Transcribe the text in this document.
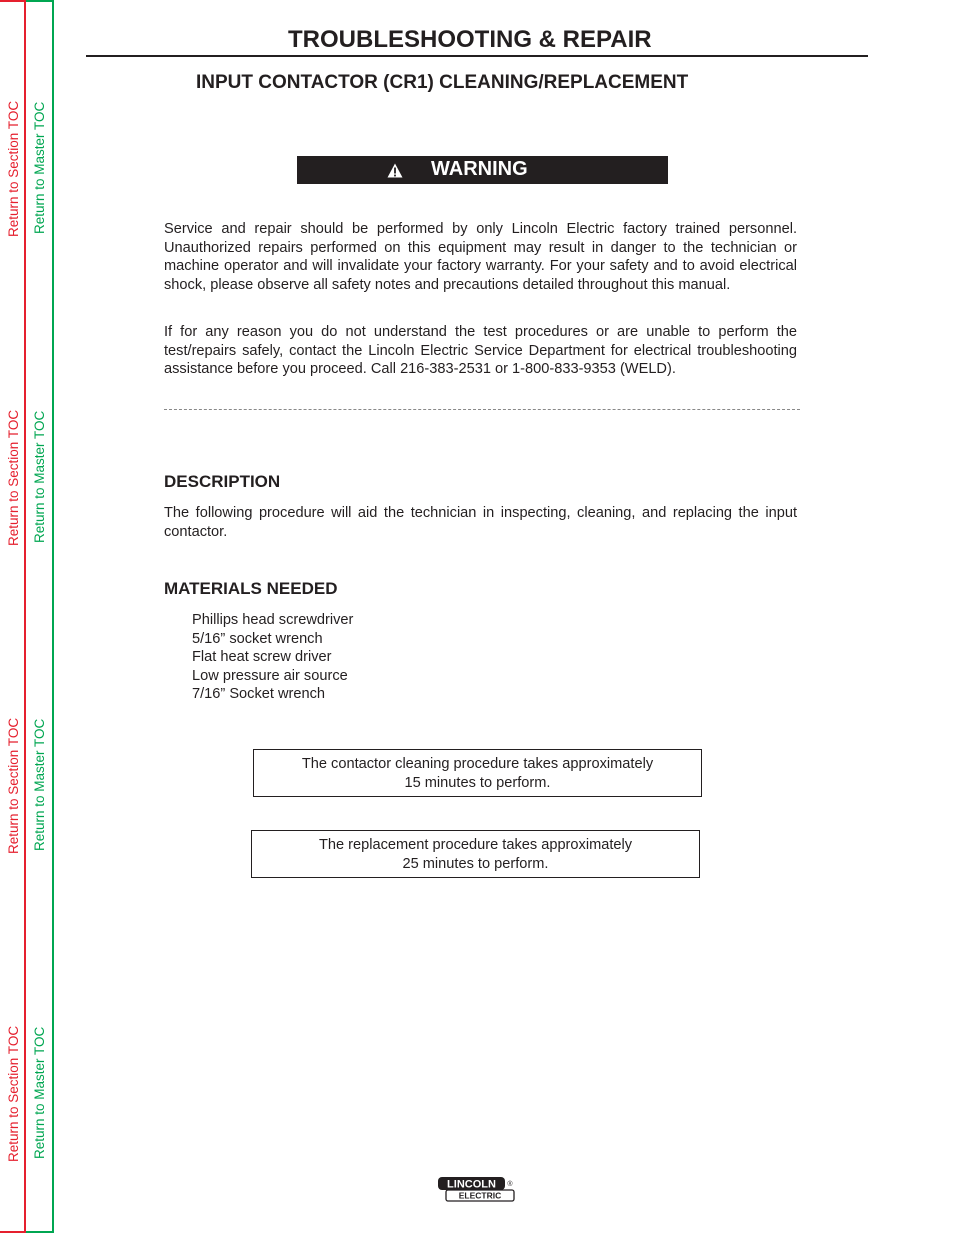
Return to Section TOC Return to Master TOC
Return to Section TOC Return to Master TOC
Return to Section TOC Return to Master TOC
Return to Section TOC Return to Master TOC
TROUBLESHOOTING & REPAIR
INPUT CONTACTOR (CR1) CLEANING/REPLACEMENT
WARNING

Service and repair should be performed by only Lincoln Electric factory trained personnel. Unauthorized repairs performed on this equipment may result in danger to the technician or machine operator and will invalidate your factory warranty. For your safety and to avoid electrical shock, please observe all safety notes and precautions detailed throughout this manual.

If for any reason you do not understand the test procedures or are unable to perform the test/repairs safely, contact the Lincoln Electric Service Department for electrical troubleshooting assistance before you proceed. Call 216-383-2531 or 1-800-833-9353 (WELD).

DESCRIPTION

The following procedure will aid the technician in inspecting, cleaning, and replacing the input contactor.

MATERIALS NEEDED
Phillips head screwdriver
5/16” socket wrench
Flat heat screw driver
Low pressure air source
7/16” Socket wrench
The contactor cleaning procedure takes approximately
15 minutes to perform.
The replacement procedure takes approximately
25 minutes to perform.
LINCOLN
ELECTRIC
®
